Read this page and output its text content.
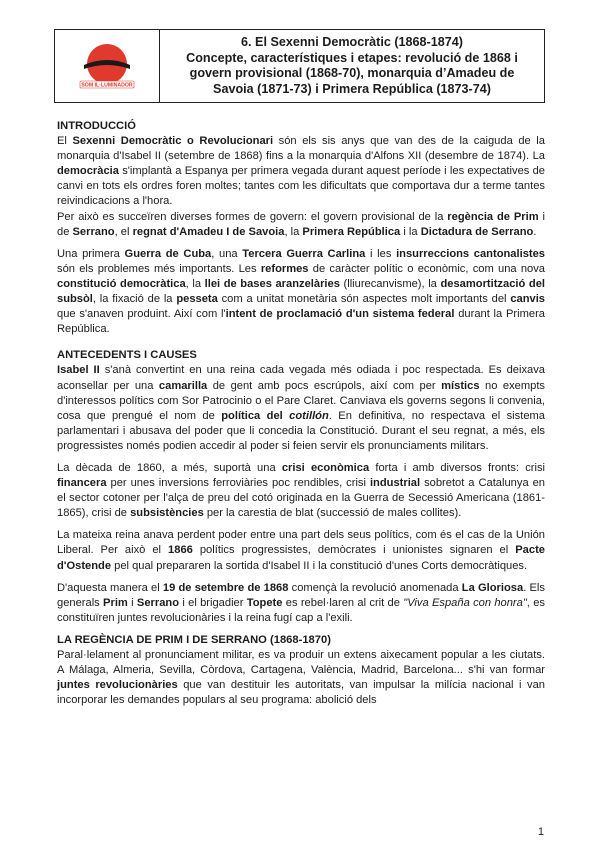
SOM IL·LUMINADOR
6. El Sexenni Democràtic (1868-1874)
Concepte, característiques i etapes: revolució de 1868 i
govern provisional (1868-70), monarquia d’Amadeu de
Savoia (1871-73) i Primera República (1873-74)
INTRODUCCIÓ

El Sexenni Democràtic o Revolucionari són els sis anys que van des de la caiguda de la monarquia d'Isabel II (setembre de 1868) fins a la monarquia d'Alfons XII (desembre de 1874). La democràcia s'implantà a Espanya per primera vegada durant aquest període i les expectatives de canvi en tots els ordres foren moltes; tantes com les dificultats que comportava dur a terme tantes reivindicacions a l'hora.

Per això es succeïren diverses formes de govern: el govern provisional de la regència de Prim i de Serrano, el regnat d'Amadeu I de Savoia, la Primera República i la Dictadura de Serrano.

Una primera Guerra de Cuba, una Tercera Guerra Carlina i les insurreccions cantonalistes són els problemes més importants. Les reformes de caràcter polític o econòmic, com una nova constitució democràtica, la llei de bases aranzelàries (lliurecanvisme), la desamortització del subsòl, la fixació de la pesseta com a unitat monetària són aspectes molt importants del canvis que s'anaven produint. Així com l'intent de proclamació d'un sistema federal durant la Primera República.

ANTECEDENTS I CAUSES

Isabel II s'anà convertint en una reina cada vegada més odiada i poc respectada. Es deixava aconsellar per una camarilla de gent amb pocs escrúpols, així com per místics no exempts d'interessos polítics com Sor Patrocinio o el Pare Claret. Canviava els governs segons li convenia, cosa que prengué el nom de política del cotillón. En definitiva, no respectava el sistema parlamentari i abusava del poder que li concedia la Constitució. Durant el seu regnat, a més, els progressistes només podien accedir al poder si feien servir els pronunciaments militars.

La dècada de 1860, a més, suportà una crisi econòmica forta i amb diversos fronts: crisi financera per unes inversions ferroviàries poc rendibles, crisi industrial sobretot a Catalunya en el sector cotoner per l'alça de preu del cotó originada en la Guerra de Secessió Americana (1861-1865), crisi de subsistències per la carestia de blat (successió de males collites).

La mateixa reina anava perdent poder entre una part dels seus polítics, com és el cas de la Unión Liberal. Per això el 1866 polítics progressistes, demòcrates i unionistes signaren el Pacte d'Ostende pel qual prepararen la sortida d'Isabel II i la constitució d'unes Corts democràtiques.

D'aquesta manera el 19 de setembre de 1868 començà la revolució anomenada La Gloriosa. Els generals Prim i Serrano i el brigadier Topete es rebel·laren al crit de "Viva España con honra", es constituïren juntes revolucionàries i la reina fugí cap a l'exili.

LA REGÈNCIA DE PRIM I DE SERRANO (1868-1870)

Paral·lelament al pronunciament militar, es va produir un extens aixecament popular a les ciutats. A Málaga, Almeria, Sevilla, Còrdova, Cartagena, València, Madrid, Barcelona... s'hi van formar juntes revolucionàries que van destituir les autoritats, van impulsar la milícia nacional i van incorporar les demandes populars al seu programa: abolició dels

1
